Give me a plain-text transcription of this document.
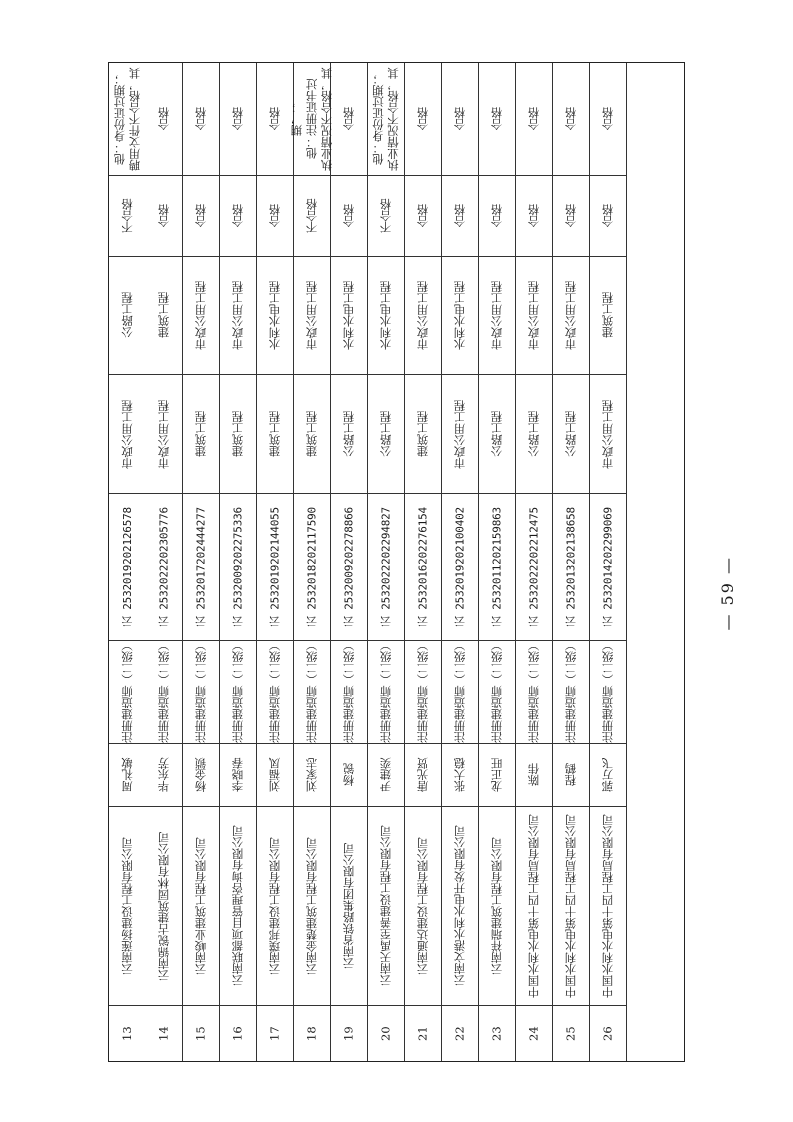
13
云南莲扬建设工程有限公司
周礼敏
注册建造师（二级）
云 2532019202126578
市政公用工程
公路工程
不合格
聘用文件不合格，其他：身份证过期；
14
云南锦锐古建筑园林有限公司
毕东芳
注册建造师（二级）
云 2532022202305776
市政公用工程
建筑工程
合格
合格
15
云南峻业建筑工程有限公司
杨金锁
注册建造师（二级）
云 2532017202444277
建筑工程
市政公用工程
合格
合格
16
云南联都项目管理咨询有限公司
李晓春
注册建造师（二级）
云 2532009202275336
建筑工程
市政公用工程
合格
合格
17
云南璞邦建设工程有限公司
刘福凤
注册建造师（二级）
云 2532019202144055
建筑工程
水利水电工程
合格
合格
18
云南金楚建筑工程有限公司
刘家志
注册建造师（二级）
云 2532018202117590
建筑工程
市政公用工程
不合格
执业情况不合格，其他：注册证书过期，；
19
云南省铁路集团有限公司
杨锐
注册建造师（二级）
云 2532009202278866
公路工程
水利水电工程
合格
合格
20
云南天禹至善建设工程有限公司
尹建奕
注册建造师（二级）
云 2532022202294827
公路工程
水利水电工程
不合格
执业情况不合格，其他：身份证过期；
21
云南通达建设工程有限公司
唐光贤
注册建造师（二级）
云 2532016202276154
建筑工程
市政公用工程
合格
合格
22
云南文港水利水电开发有限公司
张大稳
注册建造师（二级）
云 2532019202100402
市政公用工程
水利水电工程
合格
合格
23
云南祥瑞建筑工程有限公司
龙正旺
注册建造师（二级）
云 2532011202159863
公路工程
市政公用工程
合格
合格
24
中国水利水电第十四工程局有限公司
陈伟
注册建造师（二级）
云 2532022202212475
公路工程
市政公用工程
合格
合格
25
中国水利水电第十四工程局有限公司
程鹤
注册建造师（二级）
云 2532013202138658
公路工程
市政公用工程
合格
合格
26
中国水利水电第十四工程局有限公司
郭万飞
注册建造师（二级）
云 2532014202299069
市政公用工程
建筑工程
合格
合格
— 59 —
